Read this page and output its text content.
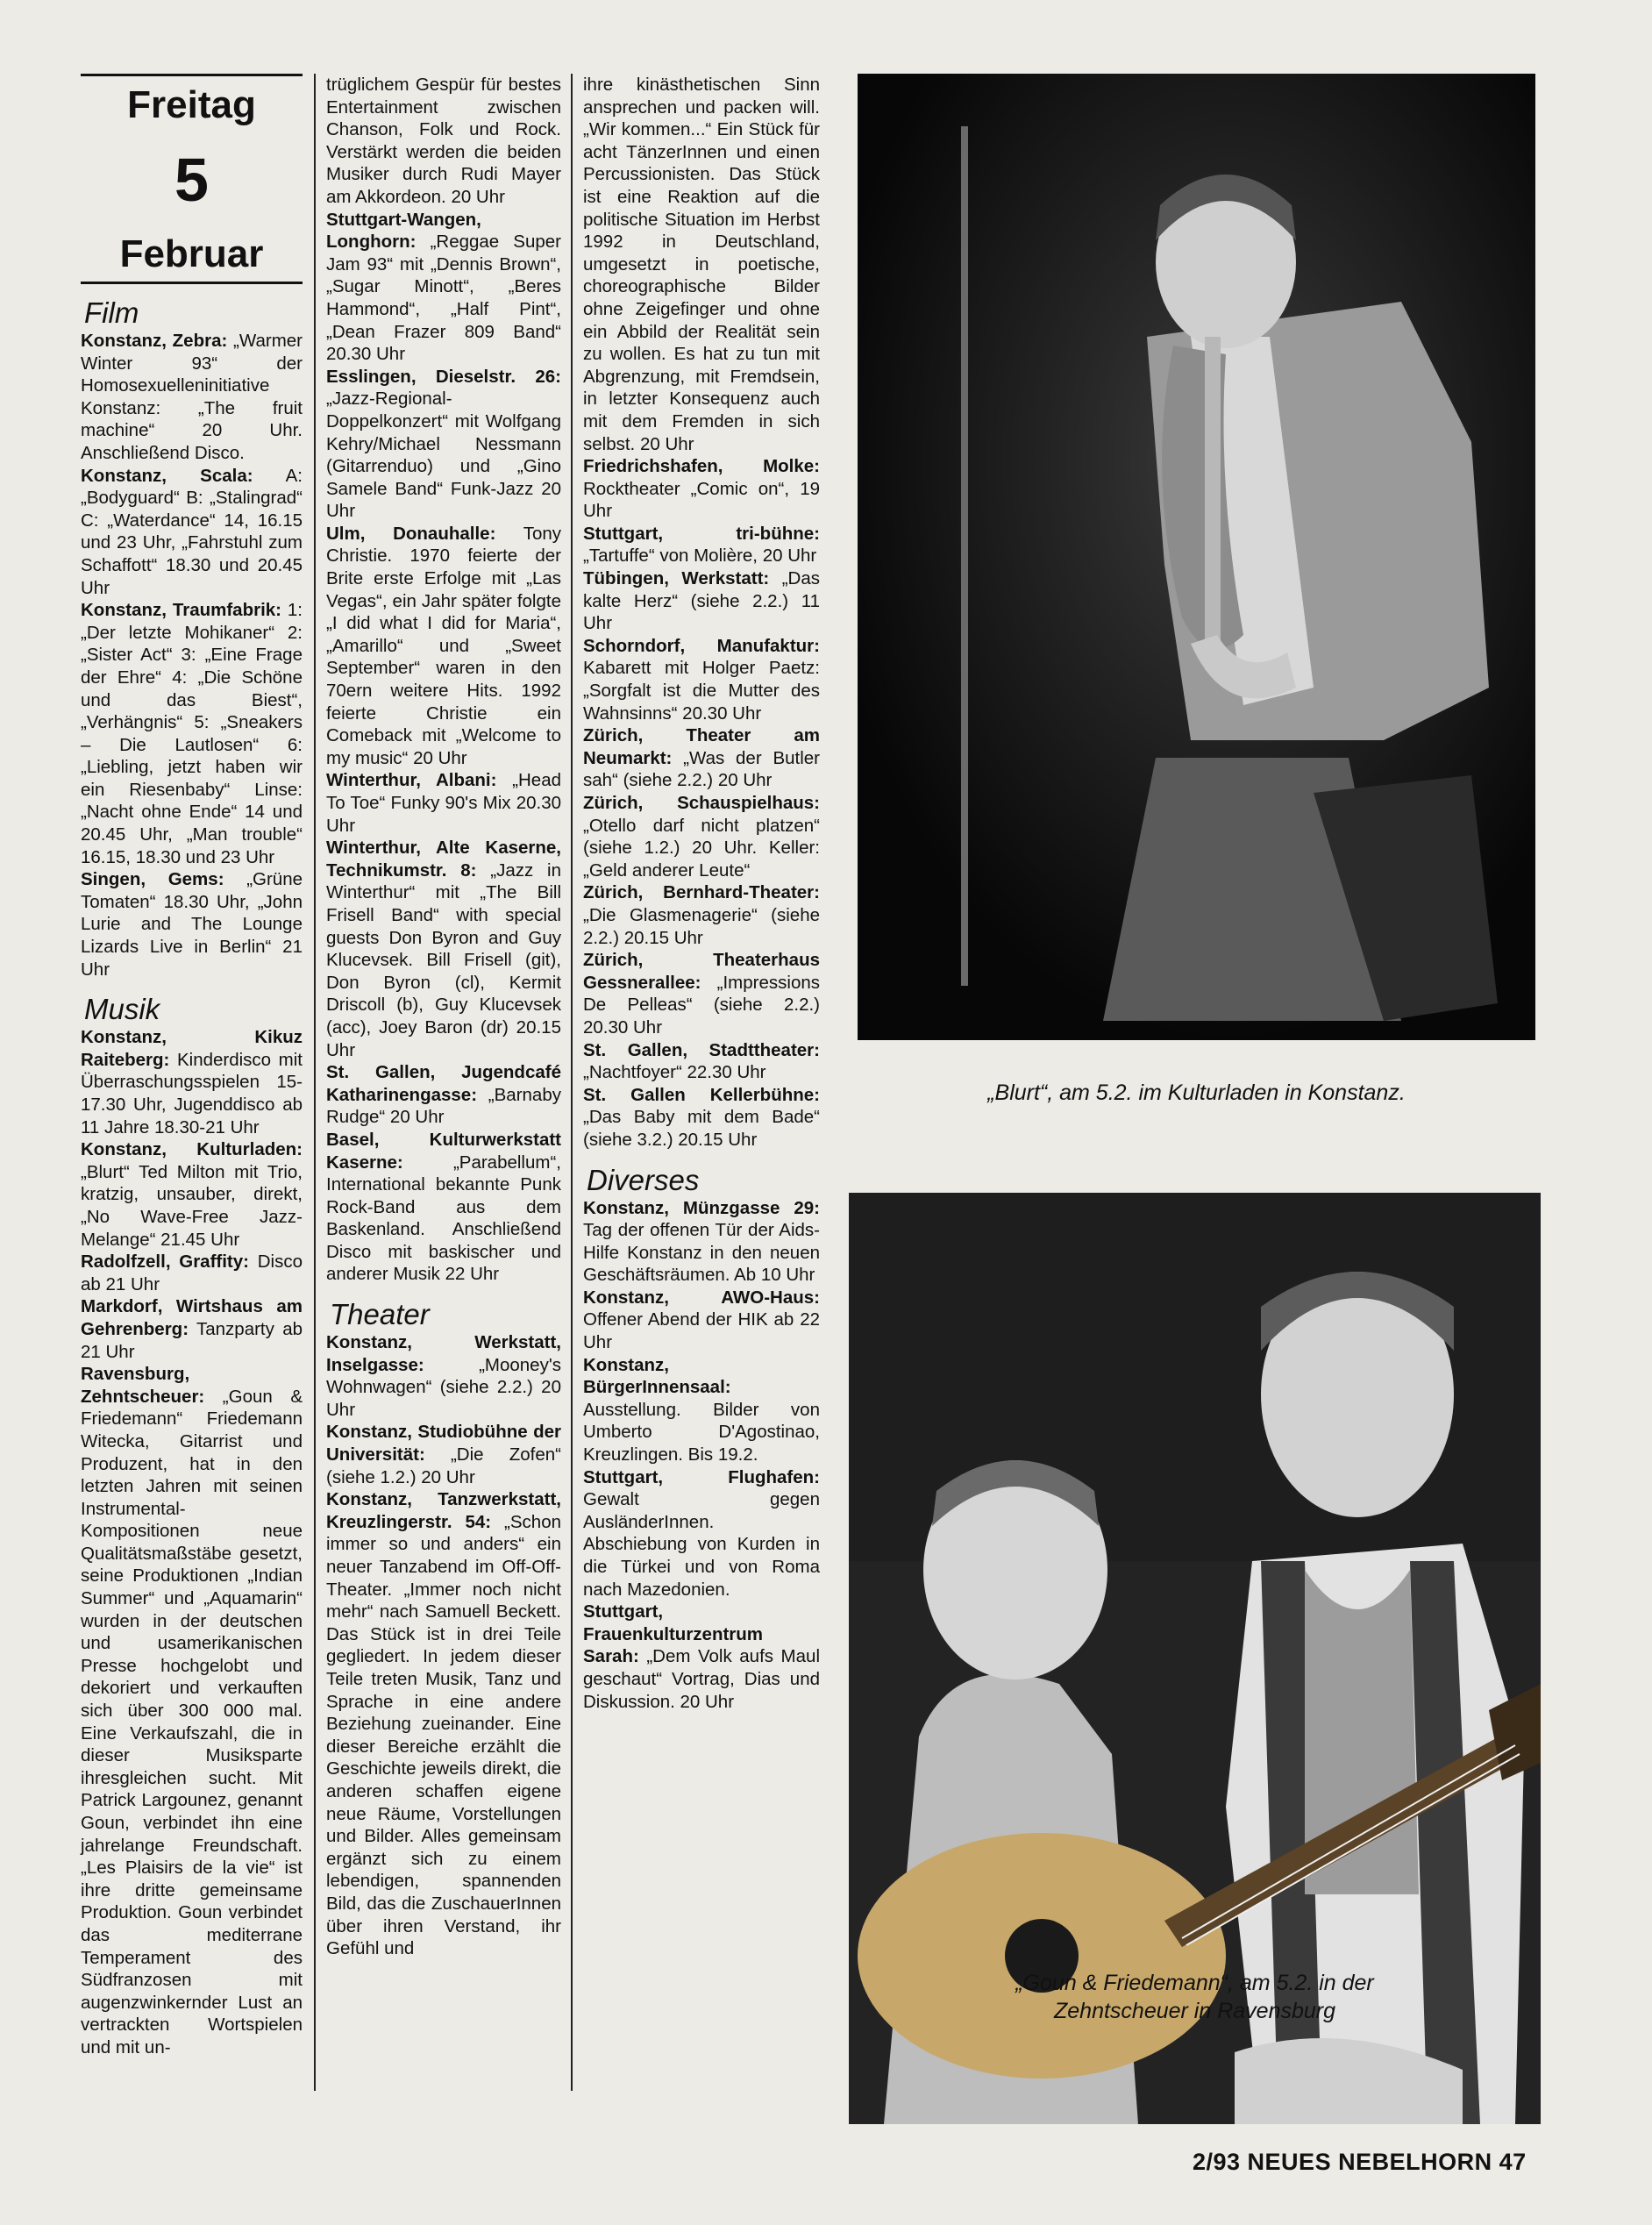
Freitag
5
Februar
Film

Konstanz, Zebra: „Warmer Winter 93“ der Homosexuelleninitiative Konstanz: „The fruit machine“ 20 Uhr. Anschließend Disco.

Konstanz, Scala: A: „Bodyguard“ B: „Stalingrad“ C: „Waterdance“ 14, 16.15 und 23 Uhr, „Fahrstuhl zum Schaffott“ 18.30 und 20.45 Uhr

Konstanz, Traumfabrik: 1: „Der letzte Mohikaner“ 2: „Sister Act“ 3: „Eine Frage der Ehre“ 4: „Die Schöne und das Biest“, „Verhängnis“ 5: „Sneakers – Die Lautlosen“ 6: „Liebling, jetzt haben wir ein Riesenbaby“ Linse: „Nacht ohne Ende“ 14 und 20.45 Uhr, „Man trouble“ 16.15, 18.30 und 23 Uhr

Singen, Gems: „Grüne Tomaten“ 18.30 Uhr, „John Lurie and The Lounge Lizards Live in Berlin“ 21 Uhr

Musik

Konstanz, Kikuz Raiteberg: Kinderdisco mit Überraschungsspielen 15-17.30 Uhr, Jugenddisco ab 11 Jahre 18.30-21 Uhr

Konstanz, Kulturladen: „Blurt“ Ted Milton mit Trio, kratzig, unsauber, direkt, „No Wave-Free Jazz-Melange“ 21.45 Uhr

Radolfzell, Graffity: Disco ab 21 Uhr

Markdorf, Wirtshaus am Gehrenberg: Tanzparty ab 21 Uhr

Ravensburg, Zehntscheuer: „Goun & Friedemann“ Friedemann Witecka, Gitarrist und Produzent, hat in den letzten Jahren mit seinen Instrumental-Kompositionen neue Qualitätsmaßstäbe gesetzt, seine Produktionen „Indian Summer“ und „Aquamarin“ wurden in der deutschen und usamerikanischen Presse hochgelobt und dekoriert und verkauften sich über 300 000 mal. Eine Verkaufszahl, die in dieser Musiksparte ihresgleichen sucht. Mit Patrick Largounez, genannt Goun, verbindet ihn eine jahrelange Freundschaft. „Les Plaisirs de la vie“ ist ihre dritte gemeinsame Produktion. Goun verbindet das mediterrane Temperament des Südfranzosen mit augenzwinkernder Lust an vertrackten Wortspielen und mit un-

trüglichem Gespür für bestes Entertainment zwischen Chanson, Folk und Rock. Verstärkt werden die beiden Musiker durch Rudi Mayer am Akkordeon. 20 Uhr

Stuttgart-Wangen, Longhorn: „Reggae Super Jam 93“ mit „Dennis Brown“, „Sugar Minott“, „Beres Hammond“, „Half Pint“, „Dean Frazer 809 Band“ 20.30 Uhr

Esslingen, Dieselstr. 26: „Jazz-Regional-Doppelkonzert“ mit Wolfgang Kehry/Michael Nessmann (Gitarrenduo) und „Gino Samele Band“ Funk-Jazz 20 Uhr

Ulm, Donauhalle: Tony Christie. 1970 feierte der Brite erste Erfolge mit „Las Vegas“, ein Jahr später folgte „I did what I did for Maria“, „Amarillo“ und „Sweet September“ waren in den 70ern weitere Hits. 1992 feierte Christie ein Comeback mit „Welcome to my music“ 20 Uhr

Winterthur, Albani: „Head To Toe“ Funky 90's Mix 20.30 Uhr

Winterthur, Alte Kaserne, Technikumstr. 8: „Jazz in Winterthur“ mit „The Bill Frisell Band“ with special guests Don Byron and Guy Klucevsek. Bill Frisell (git), Don Byron (cl), Kermit Driscoll (b), Guy Klucevsek (acc), Joey Baron (dr) 20.15 Uhr

St. Gallen, Jugendcafé Katharinengasse: „Barnaby Rudge“ 20 Uhr

Basel, Kulturwerkstatt Kaserne: „Parabellum“, International bekannte Punk Rock-Band aus dem Baskenland. Anschließend Disco mit baskischer und anderer Musik 22 Uhr

Theater

Konstanz, Werkstatt, Inselgasse: „Mooney's Wohnwagen“ (siehe 2.2.) 20 Uhr

Konstanz, Studiobühne der Universität: „Die Zofen“ (siehe 1.2.) 20 Uhr

Konstanz, Tanzwerkstatt, Kreuzlingerstr. 54: „Schon immer so und anders“ ein neuer Tanzabend im Off-Off-Theater. „Immer noch nicht mehr“ nach Samuell Beckett. Das Stück ist in drei Teile gegliedert. In jedem dieser Teile treten Musik, Tanz und Sprache in eine andere Beziehung zueinander. Eine dieser Bereiche erzählt die Geschichte jeweils direkt, die anderen schaffen eigene neue Räume, Vorstellungen und Bilder. Alles gemeinsam ergänzt sich zu einem lebendigen, spannenden Bild, das die ZuschauerInnen über ihren Verstand, ihr Gefühl und

ihre kinästhetischen Sinn ansprechen und packen will. „Wir kommen...“ Ein Stück für acht TänzerInnen und einen Percussionisten. Das Stück ist eine Reaktion auf die politische Situation im Herbst 1992 in Deutschland, umgesetzt in poetische, choreographische Bilder ohne Zeigefinger und ohne ein Abbild der Realität sein zu wollen. Es hat zu tun mit Abgrenzung, mit Fremdsein, in letzter Konsequenz auch mit dem Fremden in sich selbst. 20 Uhr

Friedrichshafen, Molke: Rocktheater „Comic on“, 19 Uhr

Stuttgart, tri-bühne: „Tartuffe“ von Molière, 20 Uhr

Tübingen, Werkstatt: „Das kalte Herz“ (siehe 2.2.) 11 Uhr

Schorndorf, Manufaktur: Kabarett mit Holger Paetz: „Sorgfalt ist die Mutter des Wahnsinns“ 20.30 Uhr

Zürich, Theater am Neumarkt: „Was der Butler sah“ (siehe 2.2.) 20 Uhr

Zürich, Schauspielhaus: „Otello darf nicht platzen“ (siehe 1.2.) 20 Uhr. Keller: „Geld anderer Leute“

Zürich, Bernhard-Theater: „Die Glasmenagerie“ (siehe 2.2.) 20.15 Uhr

Zürich, Theaterhaus Gessnerallee: „Impressions De Pelleas“ (siehe 2.2.) 20.30 Uhr

St. Gallen, Stadttheater: „Nachtfoyer“ 22.30 Uhr

St. Gallen Kellerbühne: „Das Baby mit dem Bade“ (siehe 3.2.) 20.15 Uhr

Diverses

Konstanz, Münzgasse 29: Tag der offenen Tür der Aids-Hilfe Konstanz in den neuen Geschäftsräumen. Ab 10 Uhr

Konstanz, AWO-Haus: Offener Abend der HIK ab 22 Uhr

Konstanz, BürgerInnensaal: Ausstellung. Bilder von Umberto D'Agostinao, Kreuzlingen. Bis 19.2.

Stuttgart, Flughafen: Gewalt gegen AusländerInnen. Abschiebung von Kurden in die Türkei und von Roma nach Mazedonien.

Stuttgart, Frauenkulturzentrum Sarah: „Dem Volk aufs Maul geschaut“ Vortrag, Dias und Diskussion. 20 Uhr

„Blurt“, am 5.2. im Kulturladen in Konstanz.
„Goun & Friedemann“, am 5.2. in der
Zehntscheuer in Ravensburg
2/93 NEUES NEBELHORN 47
